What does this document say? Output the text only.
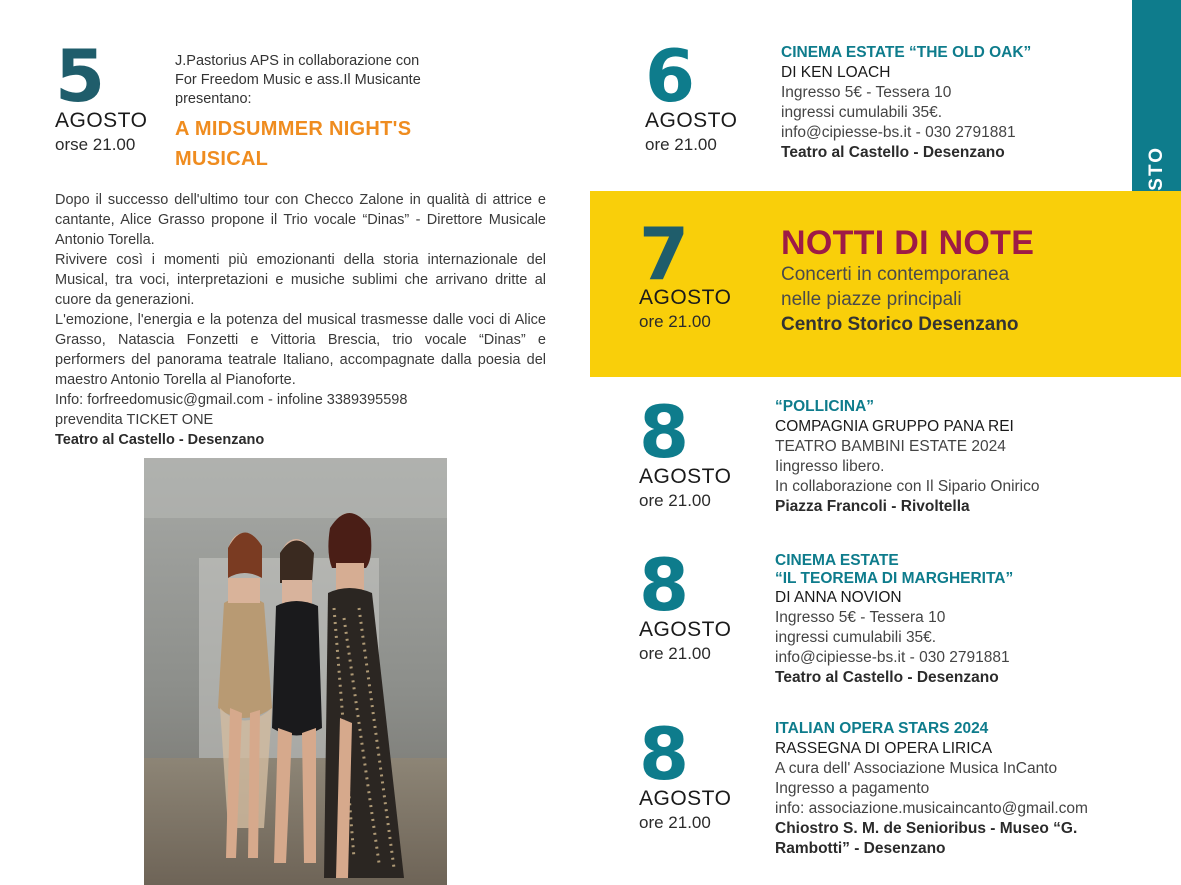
5
AGOSTO
orse 21.00
J.Pastorius APS in collaborazione con
For Freedom Music e ass.Il Musicante
presentano:
A MIDSUMMER NIGHT'S
MUSICAL

Dopo il successo dell'ultimo tour con Checco Zalone in qualità di attrice e cantante, Alice Grasso propone il Trio vocale “Dinas” - Direttore Musicale Antonio Torella.

Rivivere così i momenti più emozionanti della storia internazionale del Musical, tra voci, interpretazioni e musiche sublimi che arrivano dritte al cuore da generazioni.

L'emozione, l'energia e la potenza del musical trasmesse dalle voci di Alice Grasso, Natascia Fonzetti e Vittoria Brescia, trio vocale “Dinas” e performers del panorama teatrale Italiano, accompagnate dalla poesia del maestro Antonio Torella al Pianoforte.

Info: forfreedomusic@gmail.com - infoline 3389395598

prevendita TICKET ONE

Teatro al Castello - Desenzano

6
AGOSTO
ore 21.00
CINEMA ESTATE “THE OLD OAK”
DI KEN LOACH
Ingresso 5€ - Tessera 10
ingressi cumulabili 35€.
info@cipiesse-bs.it - 030 2791881
Teatro al Castello - Desenzano
7
AGOSTO
ore 21.00
NOTTI DI NOTE
Concerti in contemporanea
nelle piazze principali
Centro Storico Desenzano
8
AGOSTO
ore 21.00
“POLLICINA”
COMPAGNIA GRUPPO PANA REI
TEATRO BAMBINI ESTATE 2024
Iingresso libero.
In collaborazione con Il Sipario Onirico
Piazza Francoli - Rivoltella
8
AGOSTO
ore 21.00
CINEMA ESTATE
“IL TEOREMA DI MARGHERITA”
DI ANNA NOVION
Ingresso 5€ - Tessera 10
ingressi cumulabili 35€.
info@cipiesse-bs.it - 030 2791881
Teatro al Castello - Desenzano
8
AGOSTO
ore 21.00
ITALIAN OPERA STARS 2024
RASSEGNA DI OPERA LIRICA
A cura dell' Associazione Musica InCanto
Ingresso a pagamento
info: associazione.musicaincanto@gmail.com
Chiostro S. M. de Senioribus - Museo “G.
Rambotti” - Desenzano
